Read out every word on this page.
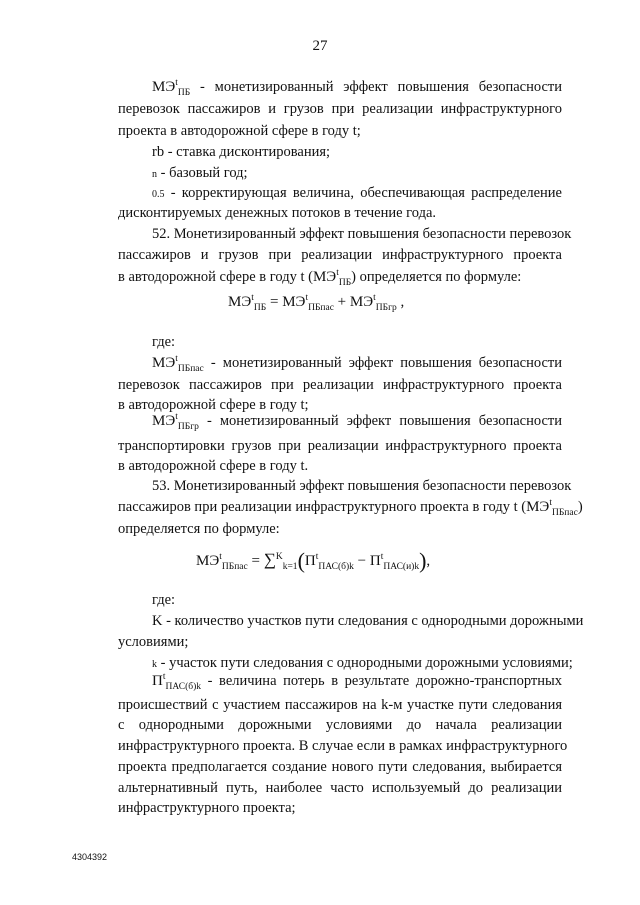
27
$МЭ^t_{ПБ}$ - монетизированный эффект повышения безопасности
перевозок пассажиров и грузов при реализации инфраструктурного
проекта в автодорожной сфере в году t;
rb - ставка дисконтирования;
n - базовый год;
0.5 - корректирующая величина, обеспечивающая распределение
дисконтируемых денежных потоков в течение года.
52. Монетизированный эффект повышения безопасности перевозок
пассажиров и грузов при реализации инфраструктурного проекта
в автодорожной сфере в году t $(МЭ^t_{ПБ})$ определяется по формуле:
$МЭ^t_{ПБ} = МЭ^t_{ПБпас} + МЭ^t_{ПБгр}$ ,
где:
$МЭ^t_{ПБпас}$ - монетизированный эффект повышения безопасности
перевозок пассажиров при реализации инфраструктурного проекта
в автодорожной сфере в году t;
$МЭ^t_{ПБгр}$ - монетизированный эффект повышения безопасности
транспортировки грузов при реализации инфраструктурного проекта
в автодорожной сфере в году t.
53. Монетизированный эффект повышения безопасности перевозок
пассажиров при реализации инфраструктурного проекта в году t $(МЭ^t_{ПБпас})$
определяется по формуле:
$МЭ^t_{ПБпас} = \sum^K_{k=1}(П^t_{ПАС(б)k} - П^t_{ПАС(и)k})$,
где:
K - количество участков пути следования с однородными дорожными
условиями;
k - участок пути следования с однородными дорожными условиями;
$П^t_{ПАС(б)k}$ - величина потерь в результате дорожно-транспортных
происшествий с участием пассажиров на k-м участке пути следования
с однородными дорожными условиями до начала реализации
инфраструктурного проекта. В случае если в рамках инфраструктурного
проекта предполагается создание нового пути следования, выбирается
альтернативный путь, наиболее часто используемый до реализации
инфраструктурного проекта;
4304392
